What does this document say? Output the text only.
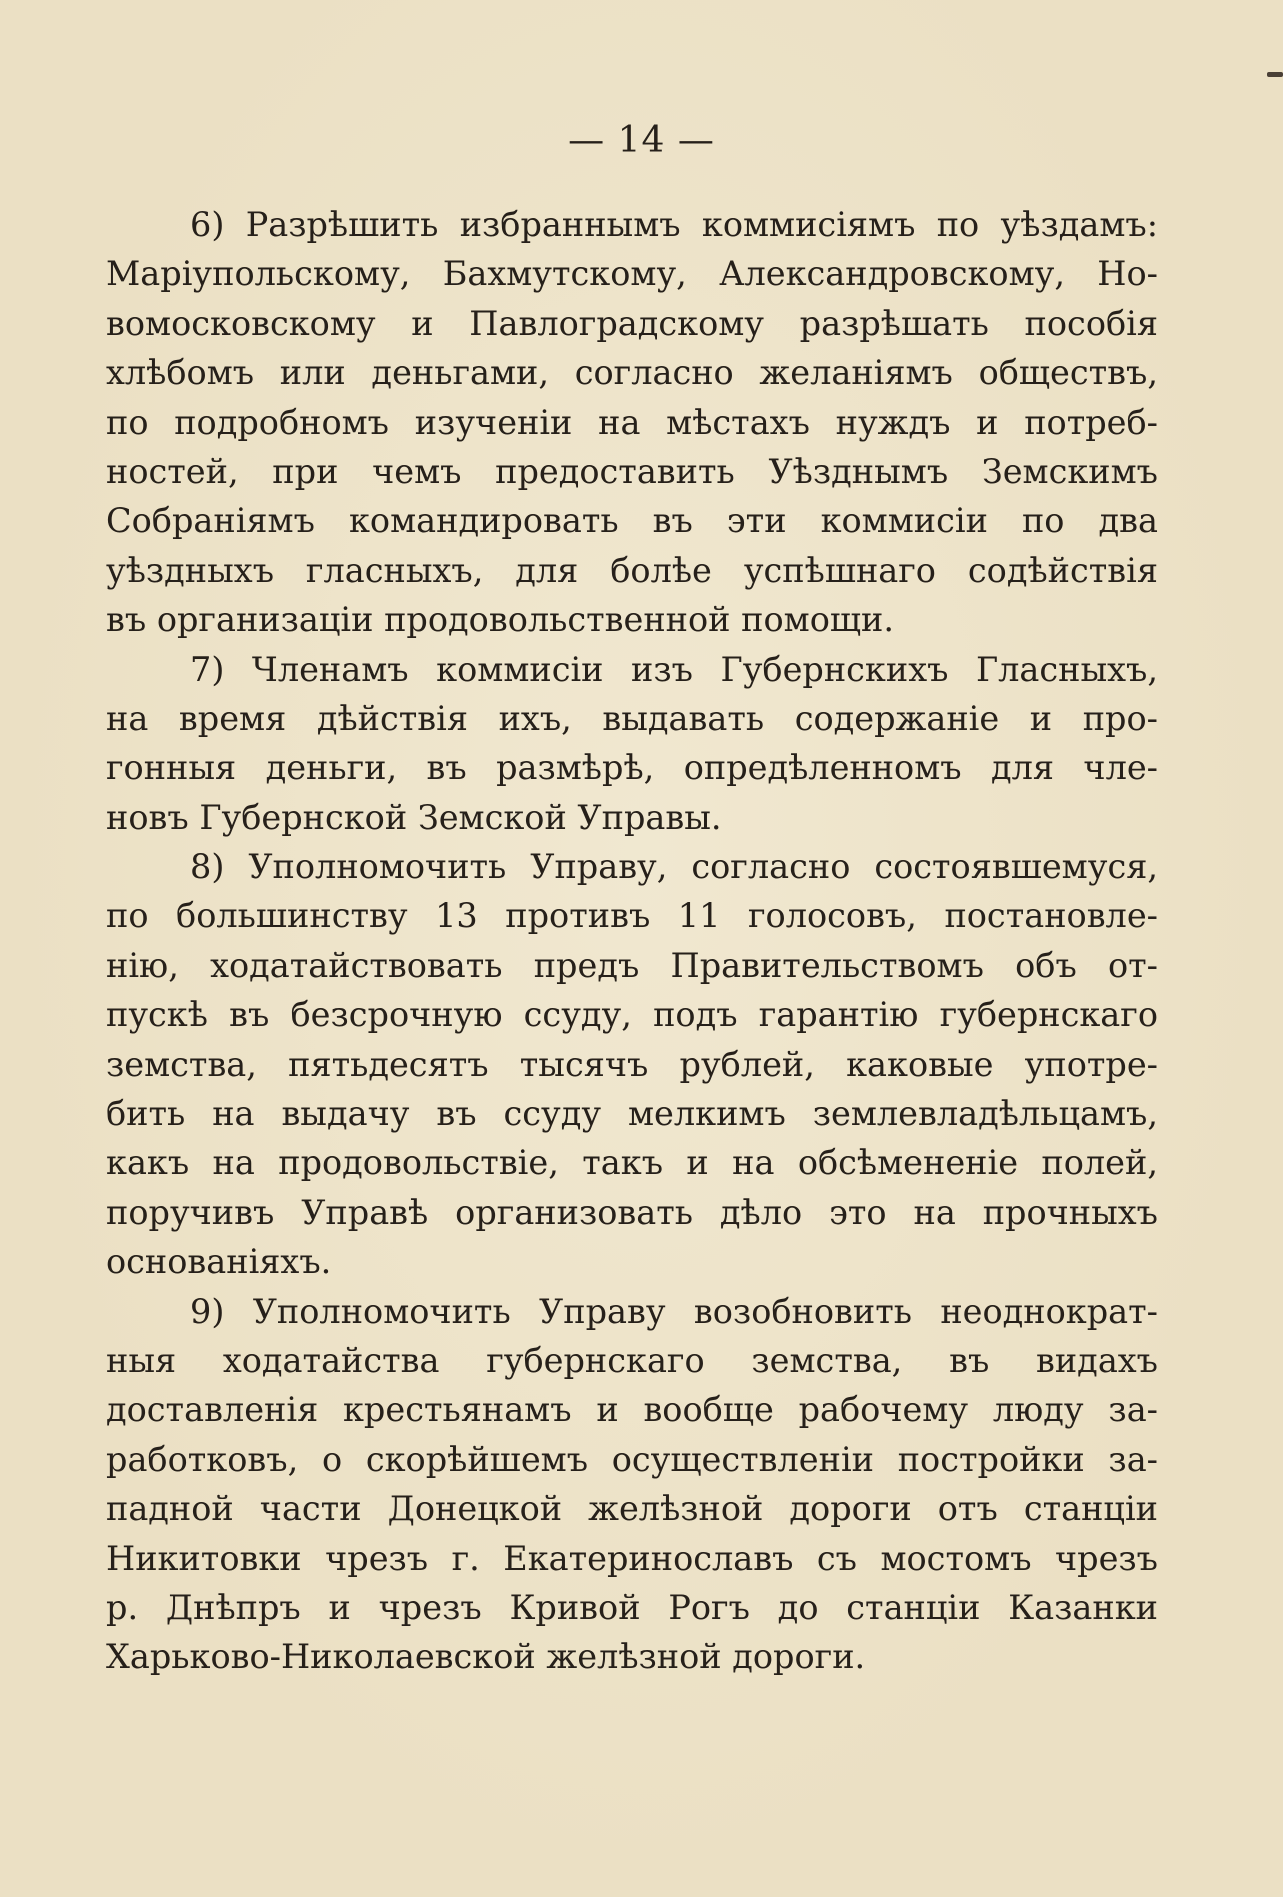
— 14 —
6) Разрѣшить избраннымъ коммисіямъ по уѣздамъ:
Маріупольскому, Бахмутскому, Александровскому, Но-
вомосковскому и Павлоградскому разрѣшать пособія
хлѣбомъ или деньгами, согласно желаніямъ обществъ,
по подробномъ изученіи на мѣстахъ нуждъ и потреб-
ностей, при чемъ предоставить Уѣзднымъ Земскимъ
Собраніямъ командировать въ эти коммисіи по два
уѣздныхъ гласныхъ, для болѣе успѣшнаго содѣйствія
въ организаціи продовольственной помощи.
7) Членамъ коммисіи изъ Губернскихъ Гласныхъ,
на время дѣйствія ихъ, выдавать содержаніе и про-
гонныя деньги, въ размѣрѣ, опредѣленномъ для чле-
новъ Губернской Земской Управы.
8) Уполномочить Управу, согласно состоявшемуся,
по большинству 13 противъ 11 голосовъ, постановле-
нію, ходатайствовать предъ Правительствомъ объ от-
пускѣ въ безсрочную ссуду, подъ гарантію губернскаго
земства, пятьдесятъ тысячъ рублей, каковые употре-
бить на выдачу въ ссуду мелкимъ землевладѣльцамъ,
какъ на продовольствіе, такъ и на обсѣмененіе полей,
поручивъ Управѣ организовать дѣло это на прочныхъ
основаніяхъ.
9) Уполномочить Управу возобновить неоднократ-
ныя ходатайства губернскаго земства, въ видахъ
доставленія крестьянамъ и вообще рабочему люду за-
работковъ, о скорѣйшемъ осуществленіи постройки за-
падной части Донецкой желѣзной дороги отъ станціи
Никитовки чрезъ г. Екатеринославъ съ мостомъ чрезъ
р. Днѣпръ и чрезъ Кривой Рогъ до станціи Казанки
Харьково-Николаевской желѣзной дороги.
